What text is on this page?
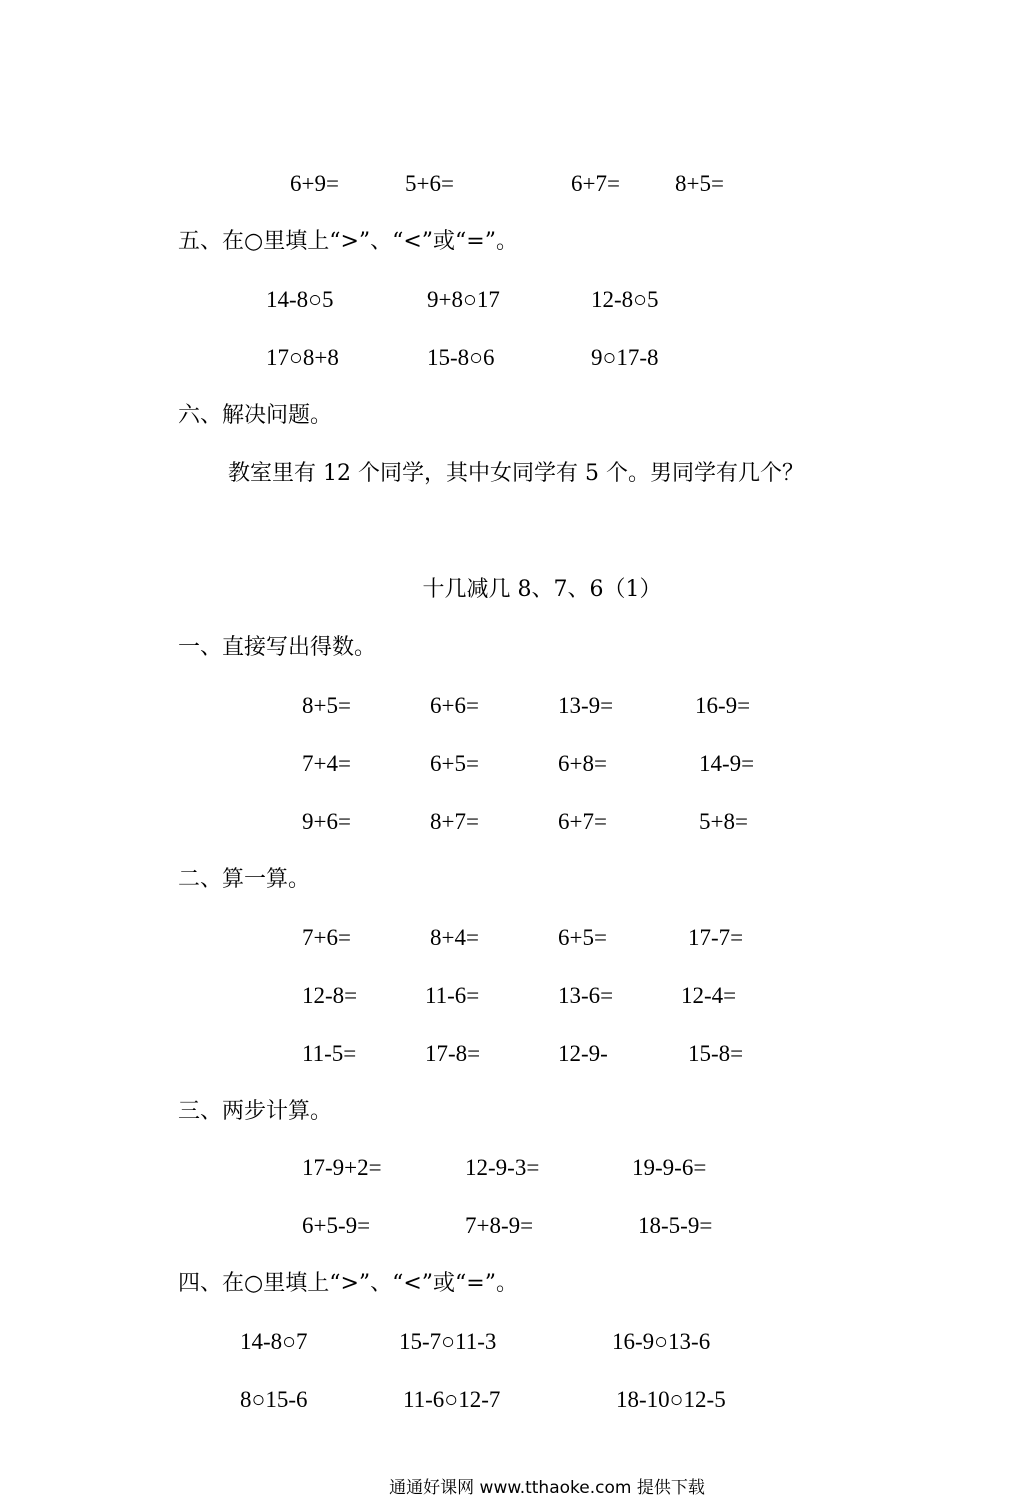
6+9=	5+6=	6+7= 8+5=
五、在○里填上“>”、“<”或“=”。
14-8○5	9+8○17	12-8○5
17○8+8	15-8○6	9○17-8
六、解决问题。
教室里有 12 个同学，其中女同学有 5 个。男同学有几个？
十几减几 8、7、6（1）
一、直接写出得数。
8+5=	6+6=	13-9=	16-9=
7+4=	6+5=	6+8=	14-9=
9+6=	8+7=	6+7=	5+8=
二、算一算。
7+6=	8+4=	6+5=	17-7=
12-8=	11-6=	13-6=	12-4=
11-5=	17-8=	12-9-	15-8=
三、两步计算。
17-9+2=	12-9-3=	19-9-6=
6+5-9=	7+8-9=	18-5-9=
四、在○里填上“>”、“<”或“=”。
14-8○7	15-7○11-3	16-9○13-6
8○15-6	11-6○12-7	18-10○12-5
通通好课网 www.tthaoke.com 提供下载
